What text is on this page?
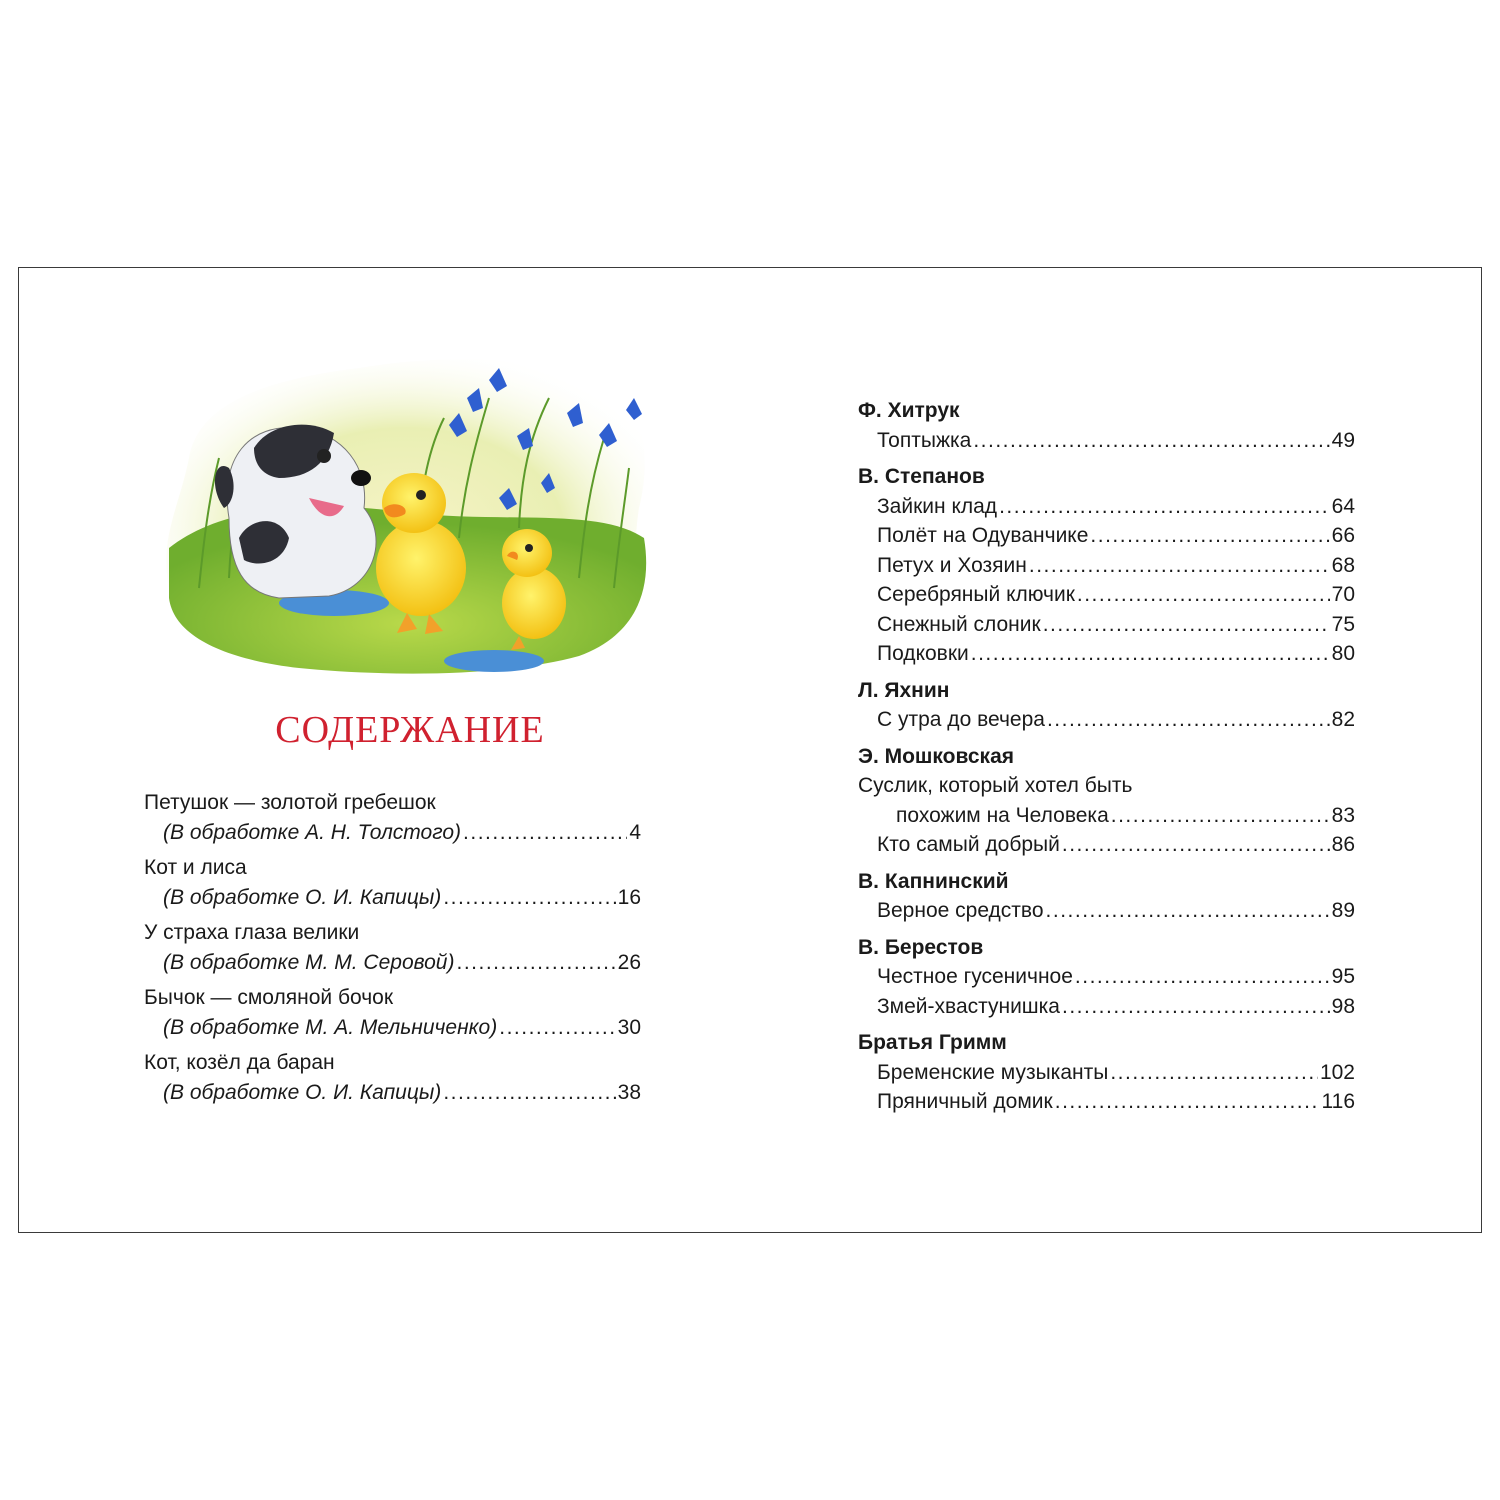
СОДЕРЖАНИЕ
Петушок — золотой гребешок
(В обработке А. Н. Толстого) .....	4
Кот и лиса
(В обработке О. И. Капицы) .....	16
У страха глаза велики
(В обработке М. М. Серовой) .....	26
Бычок — смоляной бочок
(В обработке М. А. Мельниченко) .....	30
Кот, козёл да баран
(В обработке О. И. Капицы) .....	38
Ф. Хитрук
Топтыжка .....	49
В. Степанов
Зайкин клад .....	64
Полёт на Одуванчике .....	66
Петух и Хозяин .....	68
Серебряный ключик .....	70
Снежный слоник .....	75
Подковки .....	80
Л. Яхнин
С утра до вечера .....	82
Э. Мошковская
Суслик, который хотел быть
похожим на Человека .....	83
Кто самый добрый .....	86
В. Капнинский
Верное средство .....	89
В. Берестов
Честное гусеничное .....	95
Змей-хвастунишка .....	98
Братья Гримм
Бременские музыканты .....	102
Пряничный домик .....	116
